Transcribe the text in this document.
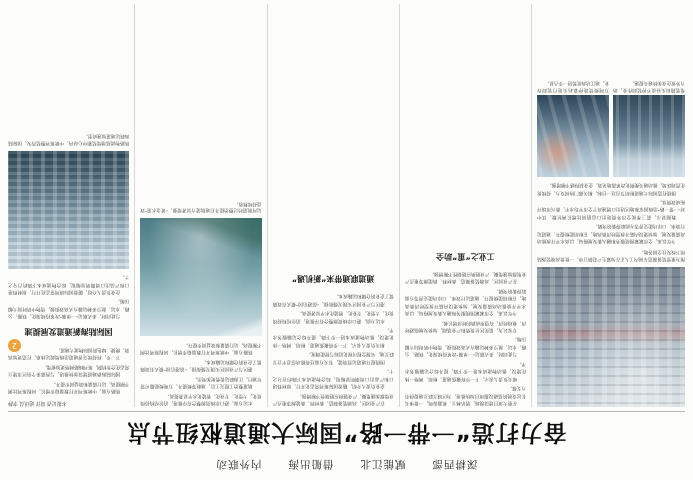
深耕西部
赋能江北
借船出海
内外联动
奋力打造“一带一路”国际大通道枢纽节点
图为重型装备制造车间内工人正在加紧生产赶制订单，一批批高端装备陆续下线发往全国各地。

今年以来，全市紧紧围绕服务和融入新发展格局，以高水平开放推动高质量发展，加快建设内陆开放型经济新高地，在枢纽能级提升、通道运行效率、口岸功能完善等方面取得新的突破。

数据显示，前三季度全市外贸进出口总值同比增长两位数，其中对“一带一路”沿线国家和地区进出口增速高于全市平均水平，新兴市场开拓成效明显。

围绕打造国际大通道枢纽节点这一目标，相关部门协同发力，持续优化营商环境，推动通关便利化改革落地见效，企业获得感不断增强。

集装箱码头昼夜不停装卸作业，助力外贸企业加快通关提速。
万吨级货轮停靠码头进行装卸作业，通江达海优势进一步凸显。

在重大项目建设现场，塔吊林立、机器轰鸣，一批事关长远发展的基础设施项目加快推进，为区域互联互通提供有力支撑。

相关负责人表示，下一步将聚焦通道、枢纽、网络一体化建设，推动物流成本进一步下降，提升综合运输服务水平。

与此同时，多式联运“一单制”改革持续深化，铁路、公路、水运、航空多种运输方式高效衔接，货物中转时间大幅压缩。

专家认为，依托区位优势和产业基础，加快发展临港经济、枢纽经济，有望形成新的经济增长极。

今年以来，全市紧紧围绕服务和融入新发展格局，以高水平开放推动高质量发展，加快建设内陆开放型经济新高地，在枢纽能级提升、通道运行效率、口岸功能完善等方面取得新的突破。

在产业园区，高端装备制造、新材料、新能源等重点产业集群加速集聚，产业链供应链韧性不断增强。

工业之“重”助全

在产业园区，高端装备制造、新材料、新能源等重点产业集群加速集聚，产业链供应链韧性不断增强。

企业负责人介绍，随着国际班列常态化开行，原材料进口和产品出口周期明显缩短，综合物流成本下降约百分之十。

围绕提升通道运营效能，有关方面还将推动信息平台互联互通，实现全程可视化追踪与智能调度。

相关负责人表示，下一步将聚焦通道、枢纽、网络一体化建设，推动物流成本进一步下降，提升综合运输服务水平。

水运方面，港口岸线资源整合有序推进，泊位结构持续优化，大型化、专业化、智能化水平显著提高。

港区与产业园区实现无缝衔接，“前港后园”模式有效降低了企业的仓储和运输成本。

通道联通带来“新机遇”

水运方面，港口岸线资源整合有序推进，泊位结构持续优化，大型化、专业化、智能化水平显著提高。

航道整治工程完工后，通航等级提升，万吨级船舶可常年通行，江海联运优势更加突出。

港区与产业园区实现无缝衔接，“前港后园”模式有效降低了企业的仓储和运输成本。

铁路方面，中欧班列开行数量稳步增长，回程班列比例不断提高，运行质量和效益同步提升。

运河航道经过整治提升后通航能力显著增强，“黄金水道”效益持续释放。
本报记者 周洋 通讯员 李静

铁路方面，中欧班列开行数量稳步增长，回程班列比例不断提高，运行质量和效益同步提升。

国际陆海新通道建设加快推进，与西部多个省区市建立常态化合作机制，班列线路网络更加密集。

下一步，将持续完善通道沿线集疏运体系，打造更加高效、便捷、绿色的国际物流大通道。

国际陆海新通道发展提速

与此同时，多式联运“一单制”改革持续深化，铁路、公路、水运、航空多种运输方式高效衔接，货物中转时间大幅压缩。

企业负责人介绍，随着国际班列常态化开行，原材料进口和产品出口周期明显缩短，综合物流成本下降约百分之十。

铁路物流基地集装箱中心站内，中欧班列整装待发，国际陆海联运通道加速成型。
2
